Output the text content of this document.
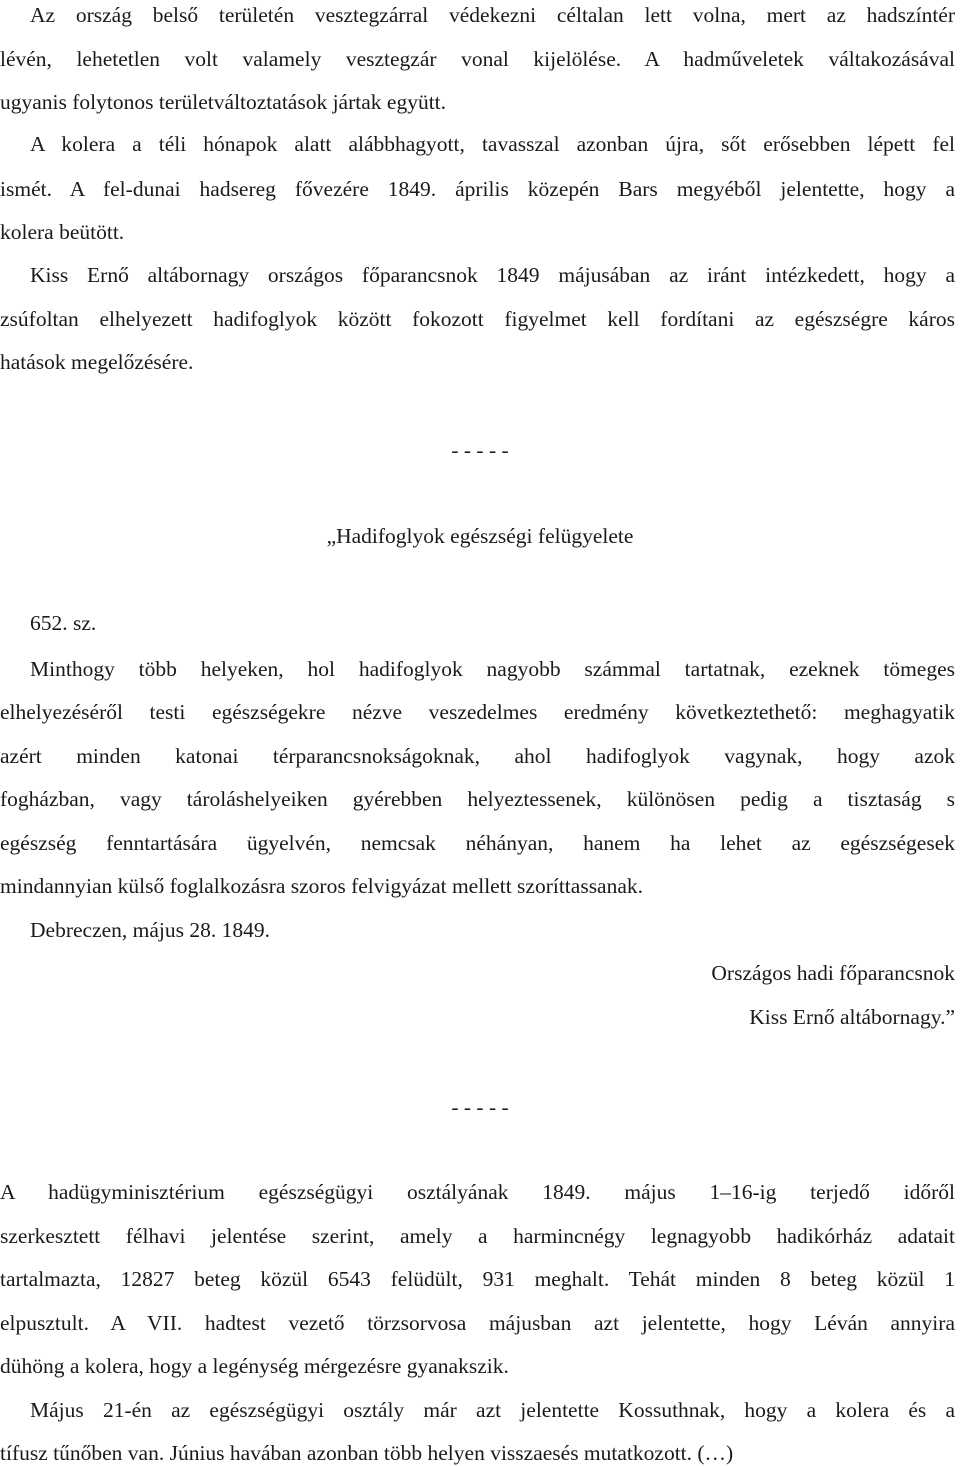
Az ország belső területén vesztegzárral védekezni céltalan lett volna, mert az hadszíntér
lévén, lehetetlen volt valamely vesztegzár vonal kijelölése. A hadműveletek váltakozásával
ugyanis folytonos területváltoztatások jártak együtt.
A kolera a téli hónapok alatt alábbhagyott, tavasszal azonban újra, sőt erősebben lépett fel
ismét. A fel-dunai hadsereg fővezére 1849. április közepén Bars megyéből jelentette, hogy a
kolera beütött.
Kiss Ernő altábornagy országos főparancsnok 1849 májusában az iránt intézkedett, hogy a
zsúfoltan elhelyezett hadifoglyok között fokozott figyelmet kell fordítani az egészségre káros
hatások megelőzésére.
- - - - -
„Hadifoglyok egészségi felügyelete
652. sz.
Minthogy több helyeken, hol hadifoglyok nagyobb számmal tartatnak, ezeknek tömeges
elhelyezéséről testi egészségekre nézve veszedelmes eredmény következtethető: meghagyatik
azért minden katonai térparancsnokságoknak, ahol hadifoglyok vagynak, hogy azok
fogházban, vagy tároláshelyeiken gyérebben helyeztessenek, különösen pedig a tisztaság s
egészség fenntartására ügyelvén, nemcsak néhányan, hanem ha lehet az egészségesek
mindannyian külső foglalkozásra szoros felvigyázat mellett szoríttassanak.
Debreczen, május 28. 1849.
Országos hadi főparancsnok
Kiss Ernő altábornagy.”
- - - - -
A hadügyminisztérium egészségügyi osztályának 1849. május 1–16-ig terjedő időről
szerkesztett félhavi jelentése szerint, amely a harmincnégy legnagyobb hadikórház adatait
tartalmazta, 12827 beteg közül 6543 felüdült, 931 meghalt. Tehát minden 8 beteg közül 1
elpusztult. A VII. hadtest vezető törzsorvosa májusban azt jelentette, hogy Léván annyira
dühöng a kolera, hogy a legénység mérgezésre gyanakszik.
Május 21-én az egészségügyi osztály már azt jelentette Kossuthnak, hogy a kolera és a
tífusz tűnőben van. Június havában azonban több helyen visszaesés mutatkozott. (…)
